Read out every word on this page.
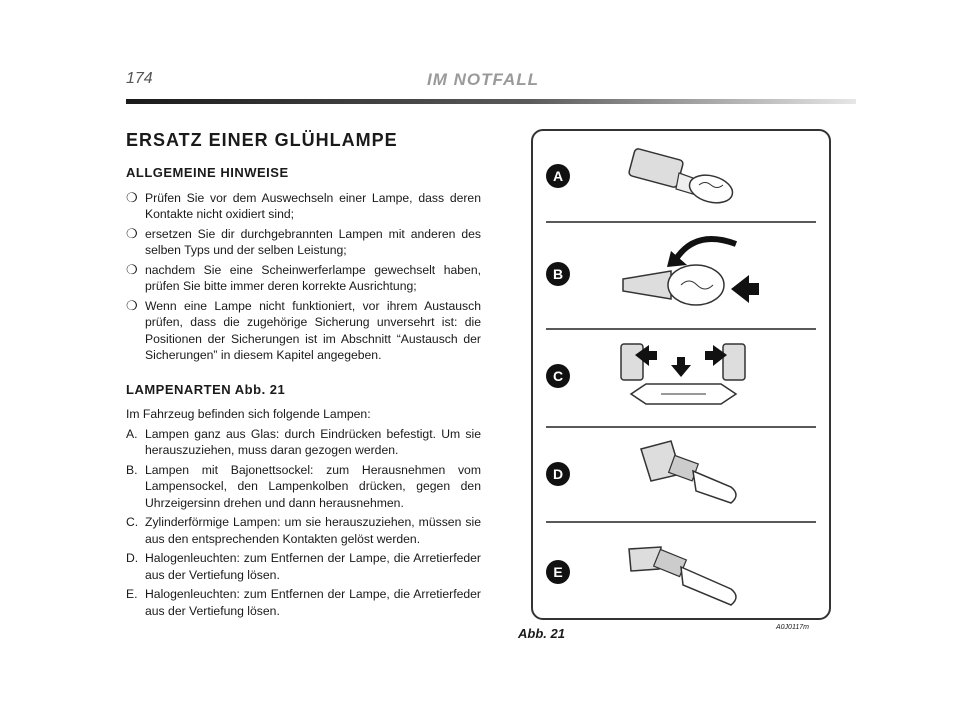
174	IM NOTFALL
ERSATZ EINER GLÜHLAMPE
ALLGEMEINE HINWEISE
❍ Prüfen Sie vor dem Auswechseln einer Lampe, dass deren Kontakte nicht oxidiert sind;
❍ ersetzen Sie dir durchgebrannten Lampen mit anderen des selben Typs und der selben Leistung;
❍ nachdem Sie eine Scheinwerferlampe gewechselt haben, prüfen Sie bitte immer deren korrekte Ausrichtung;
❍ Wenn eine Lampe nicht funktioniert, vor ihrem Austausch prüfen, dass die zugehörige Sicherung unversehrt ist: die Positionen der Sicherungen ist im Abschnitt “Austausch der Sicherungen” in diesem Kapitel angegeben.
LAMPENARTEN Abb. 21
Im Fahrzeug befinden sich folgende Lampen:
A. Lampen ganz aus Glas: durch Eindrücken befestigt. Um sie herauszuziehen, muss daran gezogen werden.
B. Lampen mit Bajonettsockel: zum Herausnehmen vom Lampensockel, den Lampenkolben drücken, gegen den Uhrzeigersinn drehen und dann herausnehmen.
C. Zylinderförmige Lampen: um sie herauszuziehen, müssen sie aus den entsprechenden Kontakten gelöst werden.
D. Halogenleuchten: zum Entfernen der Lampe, die Arretierfeder aus der Vertiefung lösen.
E. Halogenleuchten: zum Entfernen der Lampe, die Arretierfeder aus der Vertiefung lösen.
A
B
C
D
E
Abb. 21	A0J0117m
